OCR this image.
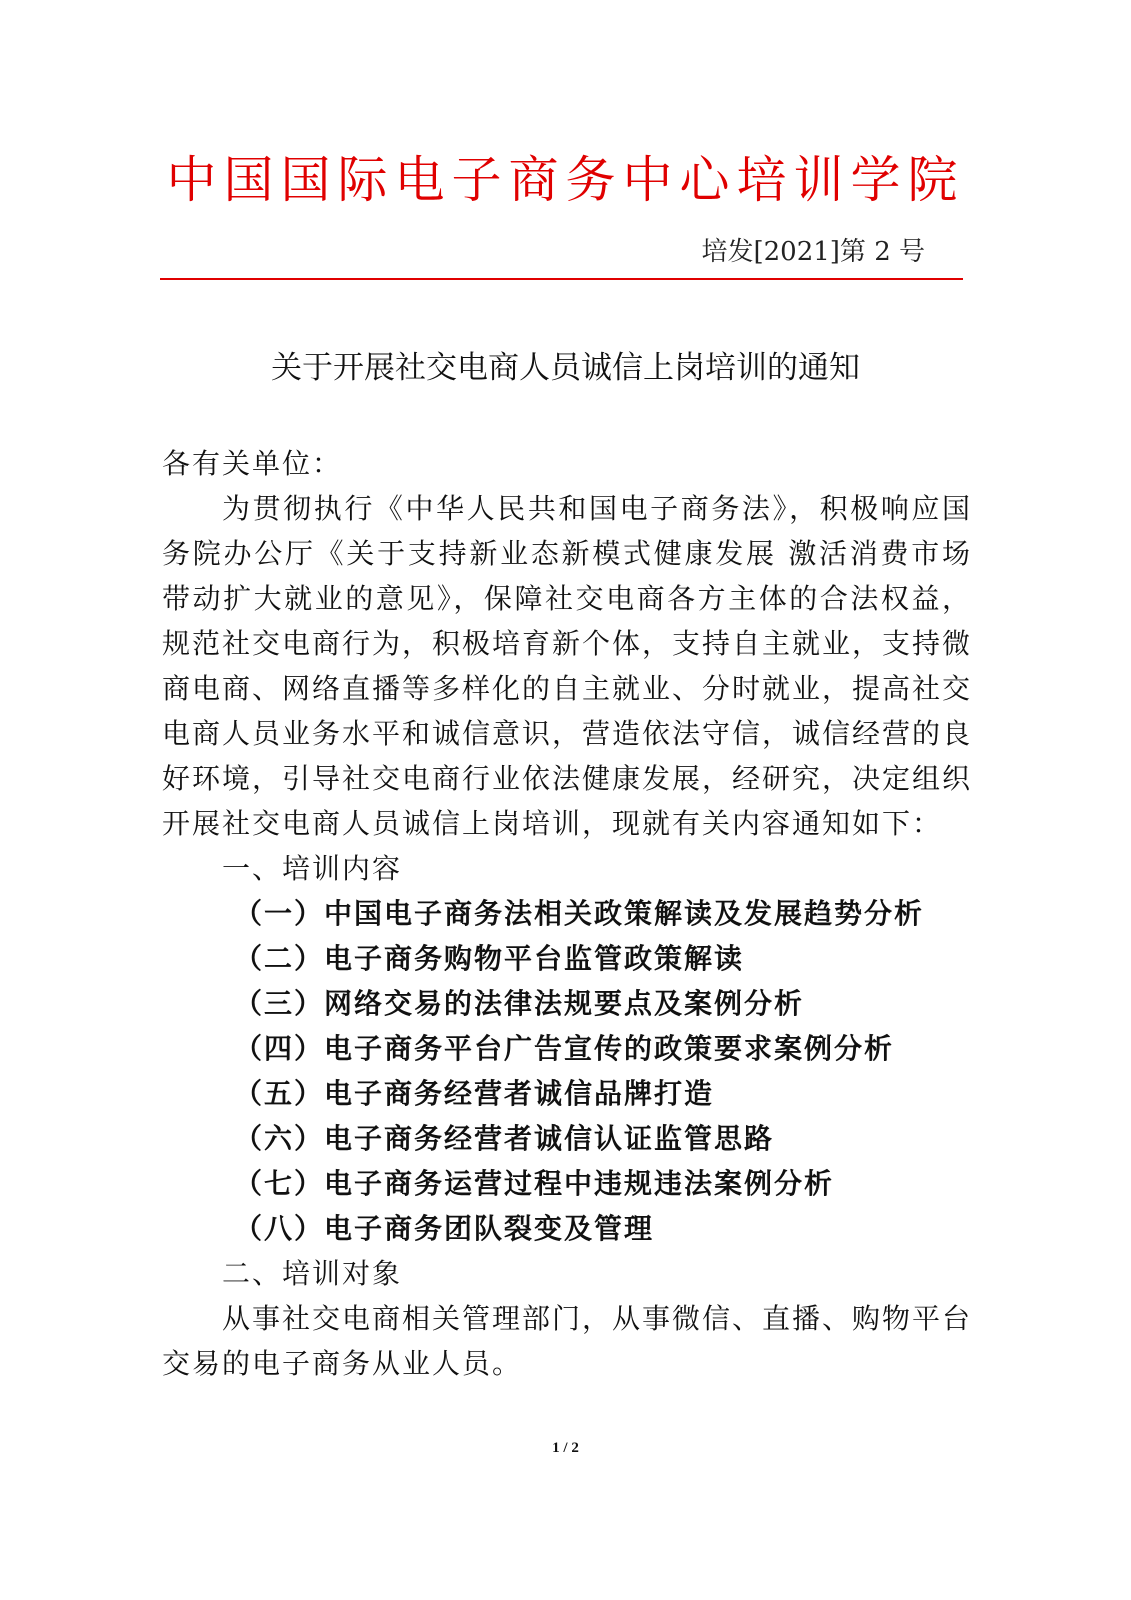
中国国际电子商务中心培训学院
培发[2021]第 2 号
关于开展社交电商人员诚信上岗培训的通知

各有关单位：

为贯彻执行《中华人民共和国电子商务法》，积极响应国务院办公厅《关于支持新业态新模式健康发展 激活消费市场带动扩大就业的意见》，保障社交电商各方主体的合法权益，规范社交电商行为，积极培育新个体，支持自主就业，支持微商电商、网络直播等多样化的自主就业、分时就业，提高社交电商人员业务水平和诚信意识，营造依法守信，诚信经营的良好环境，引导社交电商行业依法健康发展，经研究，决定组织开展社交电商人员诚信上岗培训，现就有关内容通知如下：

一、培训内容

（一）中国电子商务法相关政策解读及发展趋势分析

（二）电子商务购物平台监管政策解读

（三）网络交易的法律法规要点及案例分析

（四）电子商务平台广告宣传的政策要求案例分析

（五）电子商务经营者诚信品牌打造

（六）电子商务经营者诚信认证监管思路

（七）电子商务运营过程中违规违法案例分析

（八）电子商务团队裂变及管理

二、培训对象

从事社交电商相关管理部门，从事微信、直播、购物平台交易的电子商务从业人员。

1 / 2
